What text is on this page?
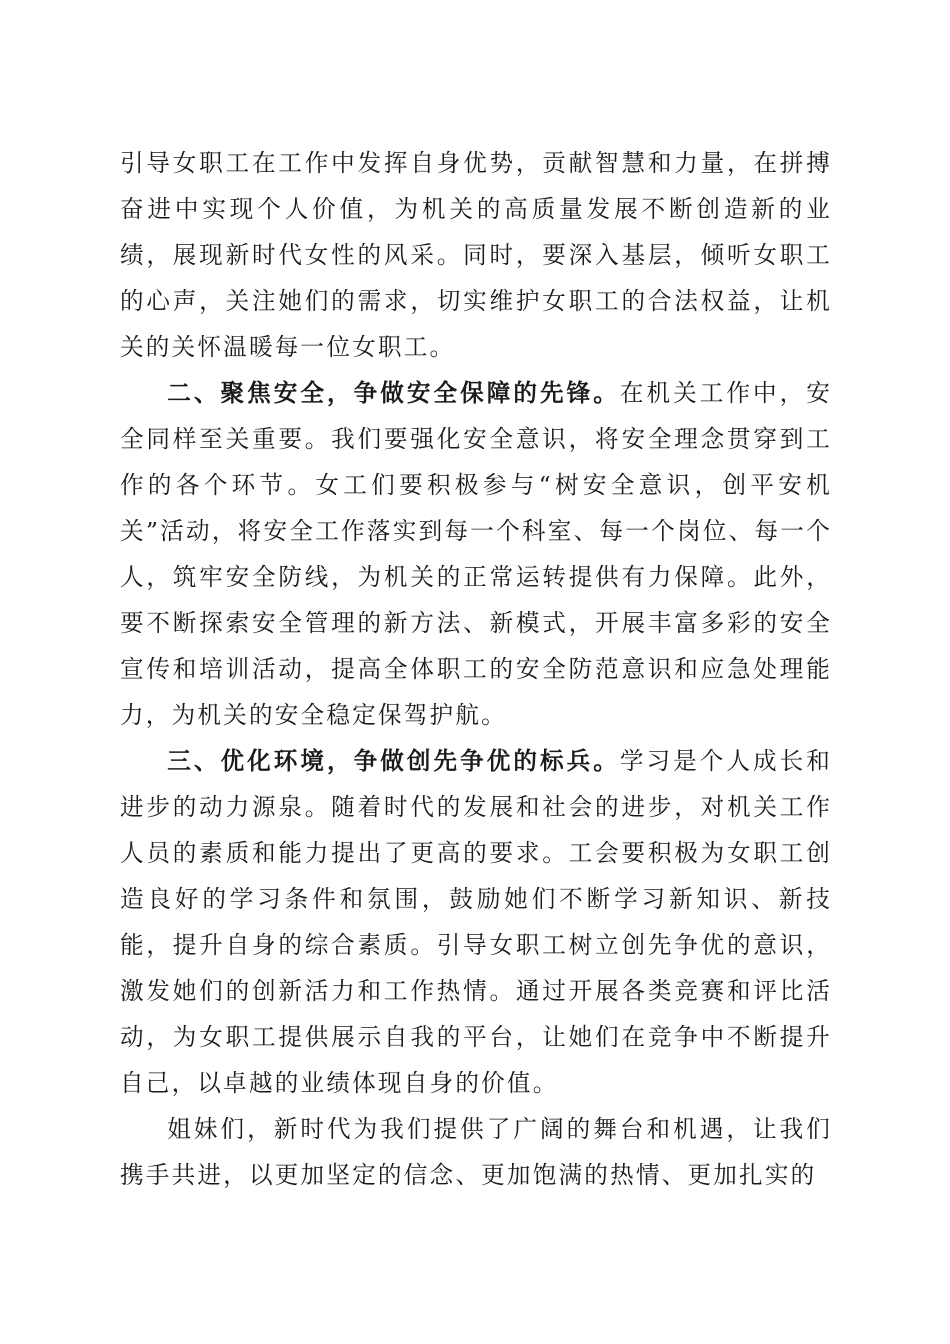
引导女职工在工作中发挥自身优势，贡献智慧和力量，在拼搏奋进中实现个人价值，为机关的高质量发展不断创造新的业绩，展现新时代女性的风采。同时，要深入基层，倾听女职工的心声，关注她们的需求，切实维护女职工的合法权益，让机关的关怀温暖每一位女职工。

二、聚焦安全，争做安全保障的先锋。在机关工作中，安全同样至关重要。我们要强化安全意识，将安全理念贯穿到工作的各个环节。女工们要积极参与“树安全意识，创平安机关”活动，将安全工作落实到每一个科室、每一个岗位、每一个人，筑牢安全防线，为机关的正常运转提供有力保障。此外，要不断探索安全管理的新方法、新模式，开展丰富多彩的安全宣传和培训活动，提高全体职工的安全防范意识和应急处理能力，为机关的安全稳定保驾护航。

三、优化环境，争做创先争优的标兵。学习是个人成长和进步的动力源泉。随着时代的发展和社会的进步，对机关工作人员的素质和能力提出了更高的要求。工会要积极为女职工创造良好的学习条件和氛围，鼓励她们不断学习新知识、新技能，提升自身的综合素质。引导女职工树立创先争优的意识，激发她们的创新活力和工作热情。通过开展各类竞赛和评比活动，为女职工提供展示自我的平台，让她们在竞争中不断提升自己，以卓越的业绩体现自身的价值。

姐妹们，新时代为我们提供了广阔的舞台和机遇，让我们携手共进，以更加坚定的信念、更加饱满的热情、更加扎实的
